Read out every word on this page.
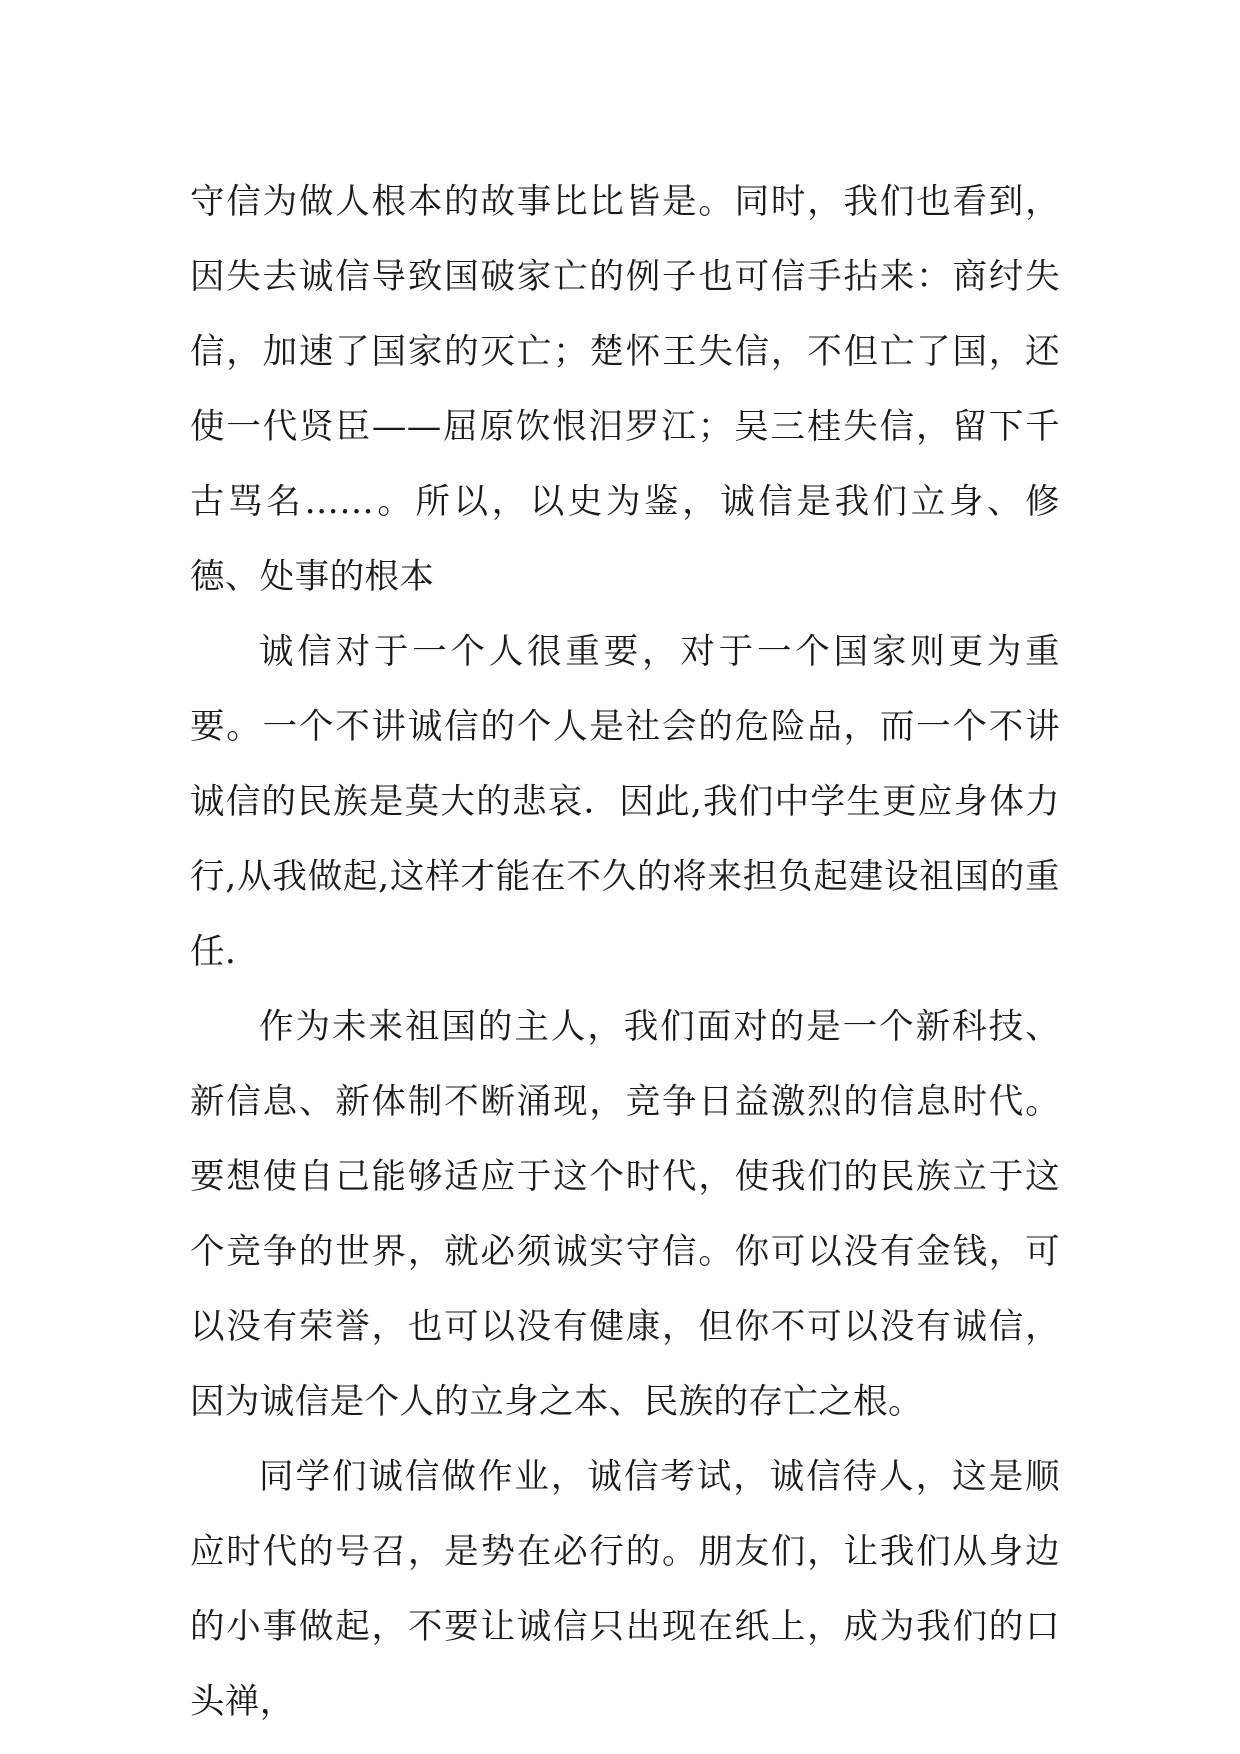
守信为做人根本的故事比比皆是。同时，我们也看到，因失去诚信导致国破家亡的例子也可信手拈来：商纣失信，加速了国家的灭亡；楚怀王失信，不但亡了国，还使一代贤臣——屈原饮恨汨罗江；吴三桂失信，留下千古骂名……。所以，以史为鉴，诚信是我们立身、修德、处事的根本

诚信对于一个人很重要，对于一个国家则更为重要。一个不讲诚信的个人是社会的危险品，而一个不讲诚信的民族是莫大的悲哀．因此,我们中学生更应身体力行,从我做起,这样才能在不久的将来担负起建设祖国的重任.

作为未来祖国的主人，我们面对的是一个新科技、新信息、新体制不断涌现，竞争日益激烈的信息时代。要想使自己能够适应于这个时代，使我们的民族立于这个竞争的世界，就必须诚实守信。你可以没有金钱，可以没有荣誉，也可以没有健康，但你不可以没有诚信，因为诚信是个人的立身之本、民族的存亡之根。

同学们诚信做作业，诚信考试，诚信待人，这是顺应时代的号召，是势在必行的。朋友们，让我们从身边的小事做起，不要让诚信只出现在纸上，成为我们的口头禅，
